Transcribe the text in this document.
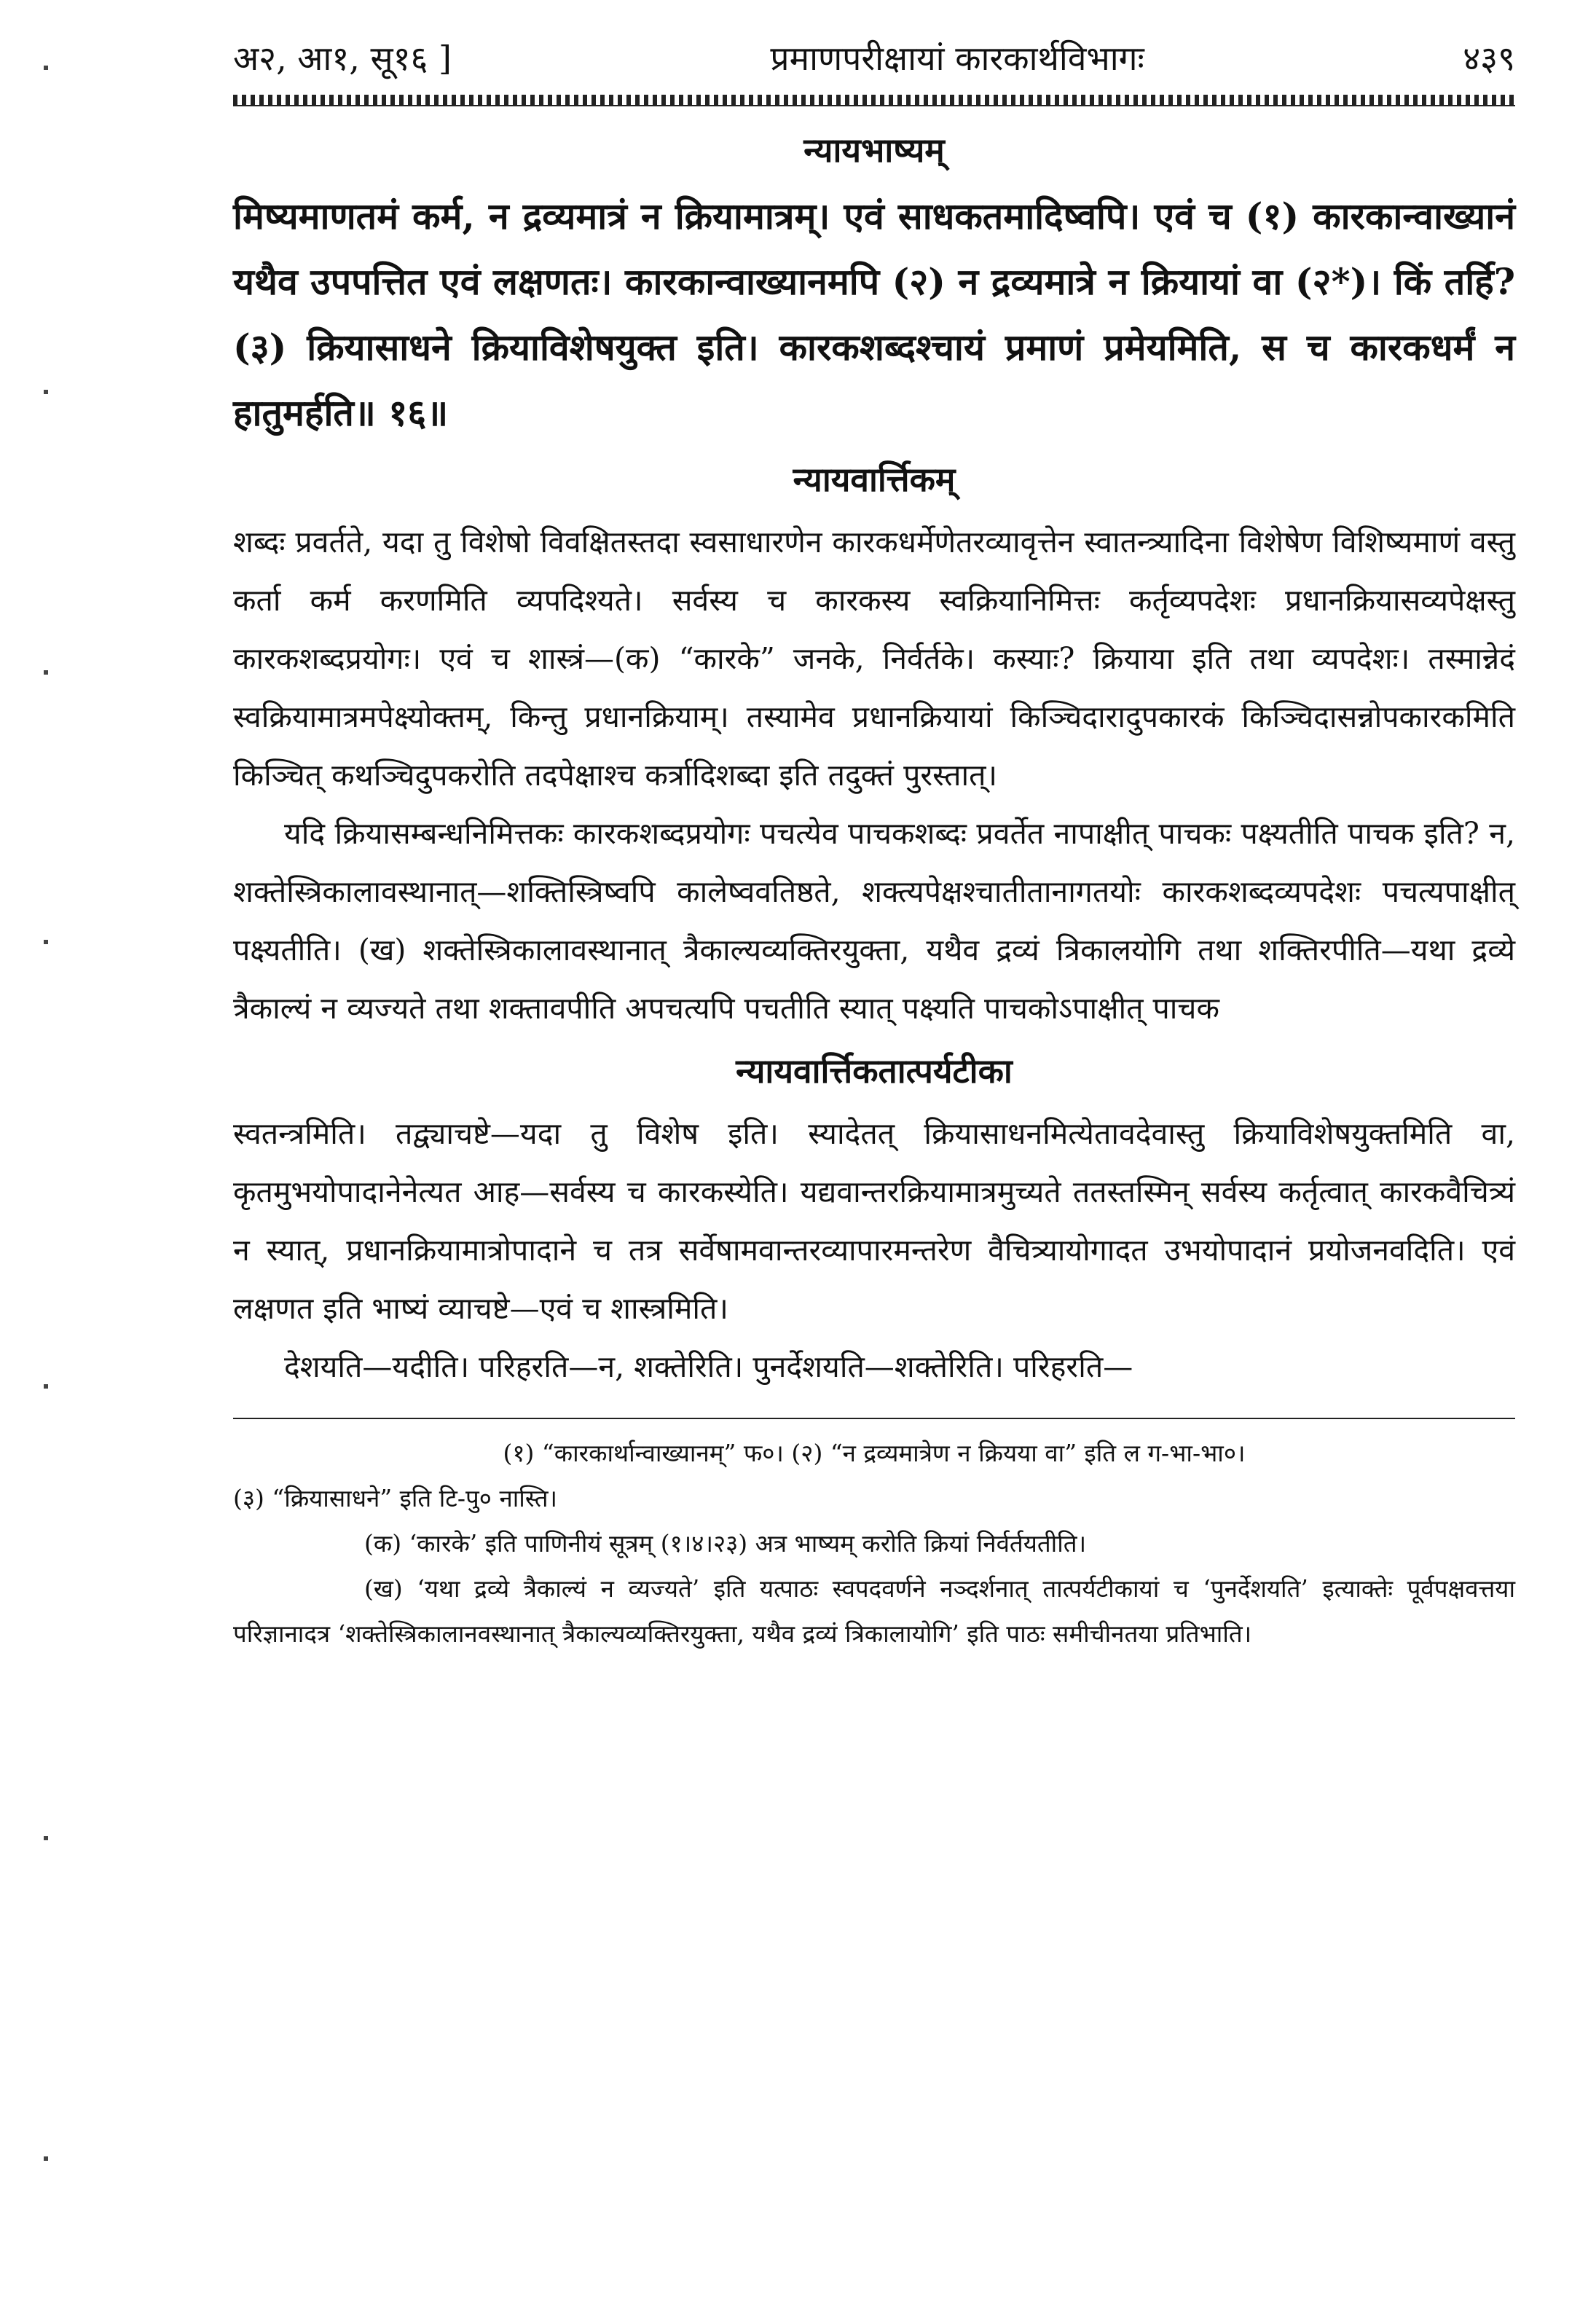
अ२, आ१, सू१६ ]	प्रमाणपरीक्षायां कारकार्थविभागः	४३९
न्यायभाष्यम्

मिष्यमाणतमं कर्म, न द्रव्यमात्रं न क्रियामात्रम्। एवं साधकतमादिष्वपि। एवं च (१) कारकान्वाख्यानं यथैव उपपत्तित एवं लक्षणतः। कारकान्वाख्यानमपि (२) न द्रव्यमात्रे न क्रियायां वा (२*)। किं तर्हि? (३) क्रियासाधने क्रियाविशेषयुक्त इति। कारकशब्दश्चायं प्रमाणं प्रमेयमिति, स च कारकधर्मं न हातुमर्हति॥ १६॥

न्यायवार्त्तिकम्

शब्दः प्रवर्तते, यदा तु विशेषो विवक्षितस्तदा स्वसाधारणेन कारकधर्मेणेतरव्यावृत्तेन स्वातन्त्र्यादिना विशेषेण विशिष्यमाणं वस्तु कर्ता कर्म करणमिति व्यपदिश्यते। सर्वस्य च कारकस्य स्वक्रियानिमित्तः कर्तृव्यपदेशः प्रधानक्रियासव्यपेक्षस्तु कारकशब्दप्रयोगः। एवं च शास्त्रं—(क) “कारके” जनके, निर्वर्तके। कस्याः? क्रियाया इति तथा व्यपदेशः। तस्मान्नेदं स्वक्रियामात्रमपेक्ष्योक्तम्, किन्तु प्रधानक्रियाम्। तस्यामेव प्रधानक्रियायां किञ्चिदारादुपकारकं किञ्चिदासन्नोपकारकमिति किञ्चित् कथञ्चिदुपकरोति तदपेक्षाश्च कर्त्रादिशब्दा इति तदुक्तं पुरस्तात्।

यदि क्रियासम्बन्धनिमित्तकः कारकशब्दप्रयोगः पचत्येव पाचकशब्दः प्रवर्तेत नापाक्षीत् पाचकः पक्ष्यतीति पाचक इति? न, शक्तेस्त्रिकालावस्थानात्—शक्तिस्त्रिष्वपि कालेष्ववतिष्ठते, शक्त्यपेक्षश्चातीतानागतयोः कारकशब्दव्यपदेशः पचत्यपाक्षीत् पक्ष्यतीति। (ख) शक्तेस्त्रिकालावस्थानात् त्रैकाल्यव्यक्तिरयुक्ता, यथैव द्रव्यं त्रिकालयोगि तथा शक्तिरपीति—यथा द्रव्ये त्रैकाल्यं न व्यज्यते तथा शक्तावपीति अपचत्यपि पचतीति स्यात् पक्ष्यति पाचकोऽपाक्षीत् पाचक

न्यायवार्त्तिकतात्पर्यटीका

स्वतन्त्रमिति। तद्व्याचष्टे—यदा तु विशेष इति। स्यादेतत् क्रियासाधनमित्येतावदेवास्तु क्रियाविशेषयुक्तमिति वा, कृतमुभयोपादानेनेत्यत आह—सर्वस्य च कारकस्येति। यद्यवान्तरक्रियामात्रमुच्यते ततस्तस्मिन् सर्वस्य कर्तृत्वात् कारकवैचित्र्यं न स्यात्, प्रधानक्रियामात्रोपादाने च तत्र सर्वेषामवान्तरव्यापारमन्तरेण वैचित्र्यायोगादत उभयोपादानं प्रयोजनवदिति। एवं लक्षणत इति भाष्यं व्याचष्टे—एवं च शास्त्रमिति।

देशयति—यदीति। परिहरति—न, शक्तेरिति। पुनर्देशयति—शक्तेरिति। परिहरति—

(१) “कारकार्थान्वाख्यानम्” फ०। (२) “न द्रव्यमात्रेण न क्रियया वा” इति ल ग-भा-भा०।

(३) “क्रियासाधने” इति टि-पु० नास्ति।

(क) ‘कारके’ इति पाणिनीयं सूत्रम् (१।४।२३) अत्र भाष्यम् करोति क्रियां निर्वर्तयतीति।

(ख) ‘यथा द्रव्ये त्रैकाल्यं न व्यज्यते’ इति यत्पाठः स्वपदवर्णने नञ्दर्शनात् तात्पर्यटीकायां च ‘पुनर्देशयति’ इत्याक्तेः पूर्वपक्षवत्तया परिज्ञानादत्र ‘शक्तेस्त्रिकालानवस्थानात् त्रैकाल्यव्यक्तिरयुक्ता, यथैव द्रव्यं त्रिकालायोगि’ इति पाठः समीचीनतया प्रतिभाति।
